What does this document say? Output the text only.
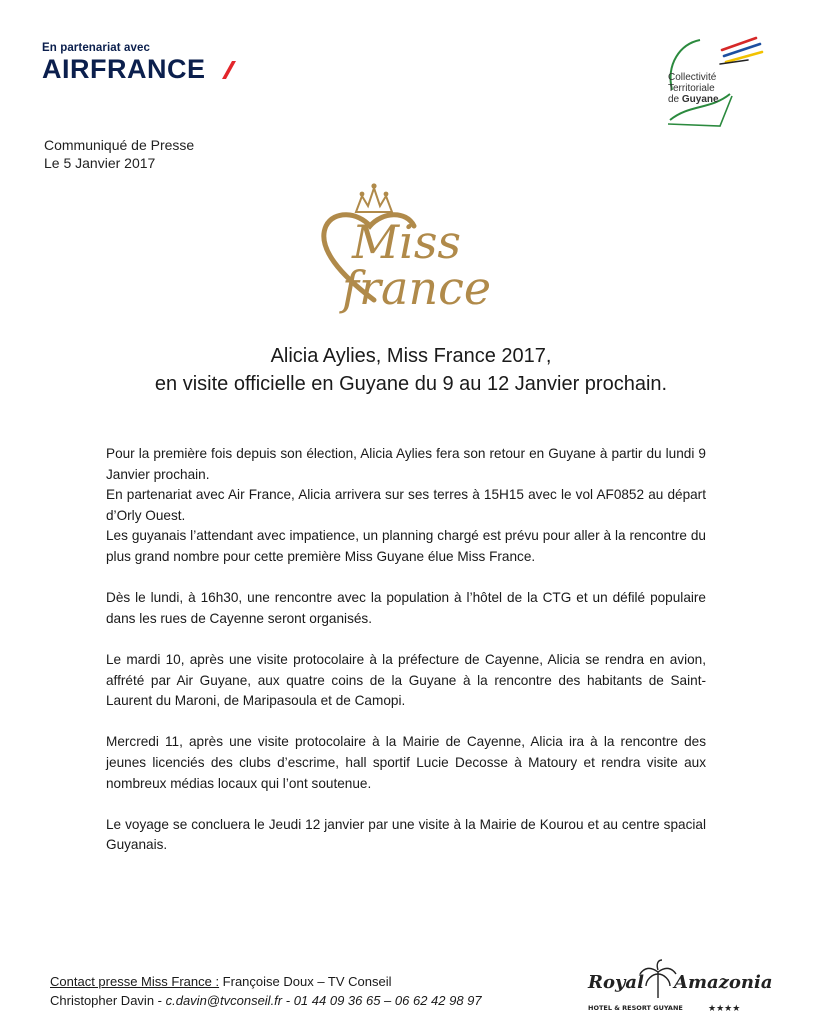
En partenariat avec
AIRFRANCE	Collectivité
Territoriale
de Guyane
Communiqué de Presse
Le 5 Janvier 2017
Miss
france
Alicia Aylies, Miss France 2017,
en visite officielle en Guyane du 9 au 12 Janvier prochain.

Pour la première fois depuis son élection, Alicia Aylies fera son retour en Guyane à partir du lundi 9 Janvier prochain.
En partenariat avec Air France, Alicia arrivera sur ses terres à 15H15 avec le vol AF0852 au départ d’Orly Ouest.
Les guyanais l’attendant avec impatience, un planning chargé est prévu pour aller à la rencontre du plus grand nombre pour cette première Miss Guyane élue Miss France.

Dès le lundi, à 16h30, une rencontre avec la population à l’hôtel de la CTG et un défilé populaire dans les rues de Cayenne seront organisés.

Le mardi 10, après une visite protocolaire à la préfecture de Cayenne, Alicia se rendra en avion, affrété par Air Guyane, aux quatre coins de la Guyane à la rencontre des habitants de Saint-Laurent du Maroni, de Maripasoula et de Camopi.

Mercredi 11, après une visite protocolaire à la Mairie de Cayenne, Alicia ira à la rencontre des jeunes licenciés des clubs d’escrime, hall sportif Lucie Decosse à Matoury et rendra visite aux nombreux médias locaux qui l’ont soutenue.

Le voyage se concluera le Jeudi 12 janvier par une visite à la Mairie de Kourou et au centre spacial Guyanais.

Contact presse Miss France : Françoise Doux – TV Conseil
Christopher Davin - c.davin@tvconseil.fr - 01 44 09 36 65 – 06 62 42 98 97
Royal Amazonia
HOTEL & RESORT GUYANE	★★★★
